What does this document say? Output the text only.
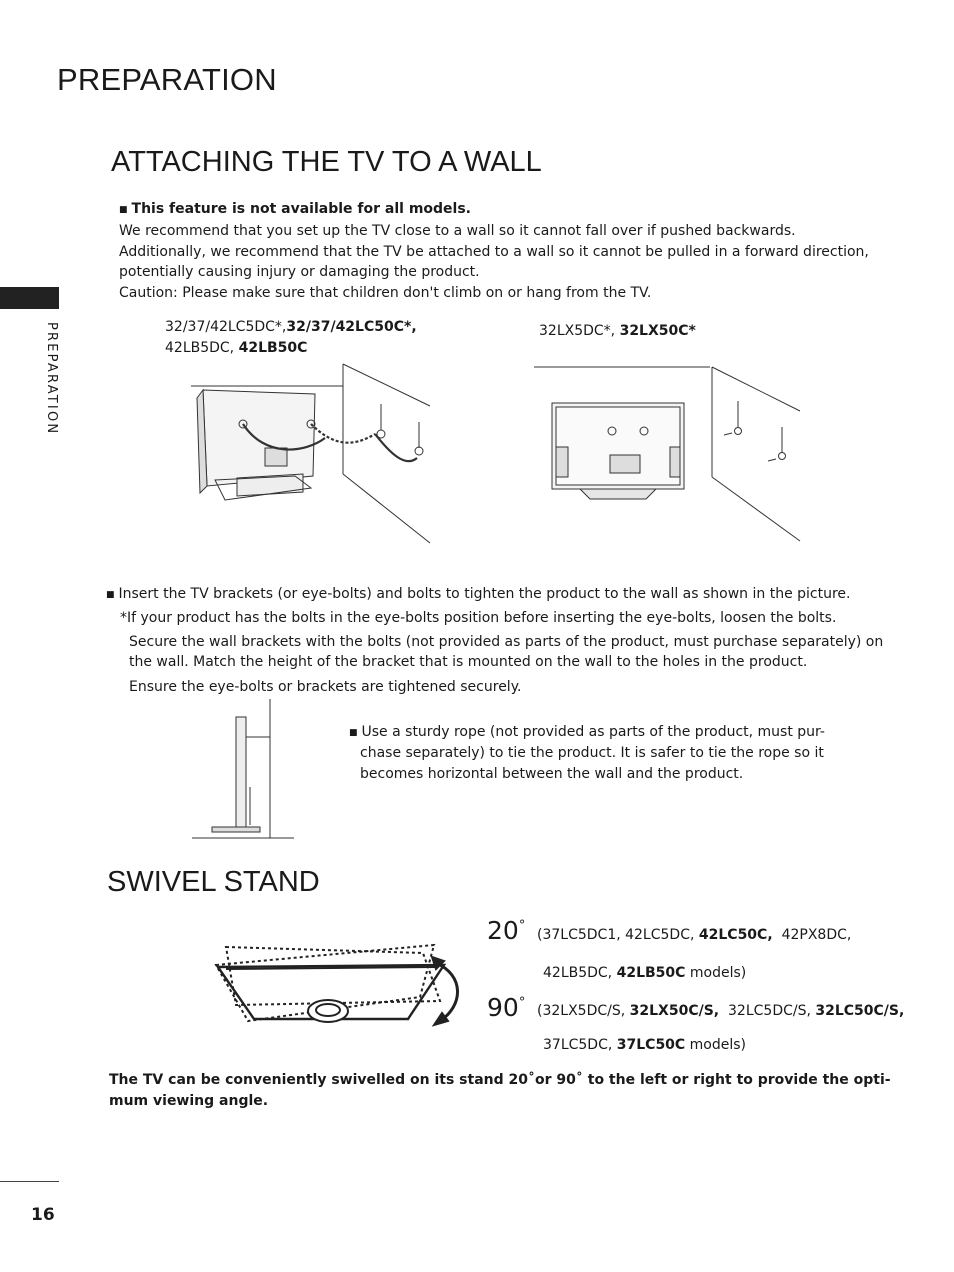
PREPARATION
PREPARATION
ATTACHING THE TV TO A WALL
■ This feature is not available for all models.
We recommend that you set up the TV close to a wall so it cannot fall over if pushed backwards.
Additionally, we recommend that the TV be attached to a wall so it cannot be pulled in a forward direction,
potentially causing injury or damaging the product.
Caution: Please make sure that children don't climb on or hang from the TV.
32/37/42LC5DC*,32/37/42LC50C*,
42LB5DC, 42LB50C
32LX5DC*, 32LX50C*
■ Insert the TV brackets (or eye-bolts) and bolts to tighten the product to the wall as shown in the picture.
*If your product has the bolts in the eye-bolts position before inserting the eye-bolts, loosen the bolts.
Secure the wall brackets with the bolts (not provided as parts of the product, must purchase separately) on
the wall. Match the height of the bracket that is mounted on the wall to the holes in the product.
Ensure the eye-bolts or brackets are tightened securely.
■ Use a sturdy rope (not provided as parts of the product, must pur-
chase separately) to tie the product. It is safer to tie the rope so it
becomes horizontal between the wall and the product.
SWIVEL STAND
20°
(37LC5DC1, 42LC5DC, 42LC50C, 42PX8DC,
42LB5DC, 42LB50C models)
90° (32LX5DC/S, 32LX50C/S, 32LC5DC/S, 32LC50C/S,
37LC5DC, 37LC50C models)
The TV can be conveniently swivelled on its stand 20˚or 90˚ to the left or right to provide the opti-
mum viewing angle.
16
